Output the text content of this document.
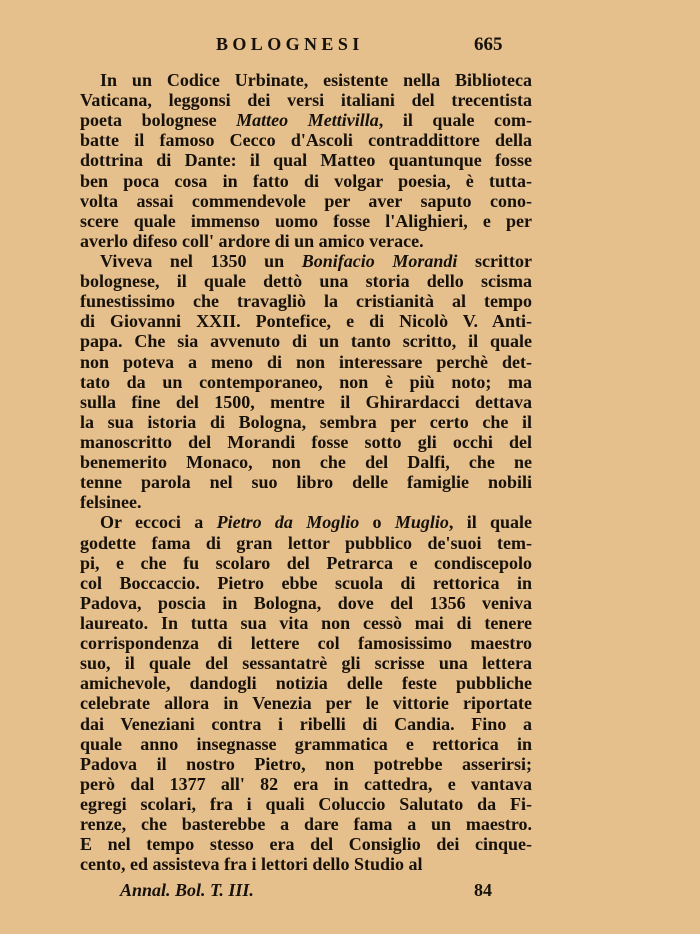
BOLOGNESI	665
In un Codice Urbinate, esistente nella Biblioteca
Vaticana, leggonsi dei versi italiani del trecentista
poeta bolognese Matteo Mettivilla, il quale com-
batte il famoso Cecco d'Ascoli contraddittore della
dottrina di Dante: il qual Matteo quantunque fosse
ben poca cosa in fatto di volgar poesia, è tutta-
volta assai commendevole per aver saputo cono-
scere quale immenso uomo fosse l'Alighieri, e per
averlo difeso coll' ardore di un amico verace.
Viveva nel 1350 un Bonifacio Morandi scrittor
bolognese, il quale dettò una storia dello scisma
funestissimo che travagliò la cristianità al tempo
di Giovanni XXII. Pontefice, e di Nicolò V. Anti-
papa. Che sia avvenuto di un tanto scritto, il quale
non poteva a meno di non interessare perchè det-
tato da un contemporaneo, non è più noto; ma
sulla fine del 1500, mentre il Ghirardacci dettava
la sua istoria di Bologna, sembra per certo che il
manoscritto del Morandi fosse sotto gli occhi del
benemerito Monaco, non che del Dalfi, che ne
tenne parola nel suo libro delle famiglie nobili
felsinee.
Or eccoci a Pietro da Moglio o Muglio, il quale
godette fama di gran lettor pubblico de'suoi tem-
pi, e che fu scolaro del Petrarca e condiscepolo
col Boccaccio. Pietro ebbe scuola di rettorica in
Padova, poscia in Bologna, dove del 1356 veniva
laureato. In tutta sua vita non cessò mai di tenere
corrispondenza di lettere col famosissimo maestro
suo, il quale del sessantatrè gli scrisse una lettera
amichevole, dandogli notizia delle feste pubbliche
celebrate allora in Venezia per le vittorie riportate
dai Veneziani contra i ribelli di Candia. Fino a
quale anno insegnasse grammatica e rettorica in
Padova il nostro Pietro, non potrebbe asserirsi;
però dal 1377 all' 82 era in cattedra, e vantava
egregi scolari, fra i quali Coluccio Salutato da Fi-
renze, che basterebbe a dare fama a un maestro.
E nel tempo stesso era del Consiglio dei cinque-
cento, ed assisteva fra i lettori dello Studio al
Annal. Bol. T. III.	84
